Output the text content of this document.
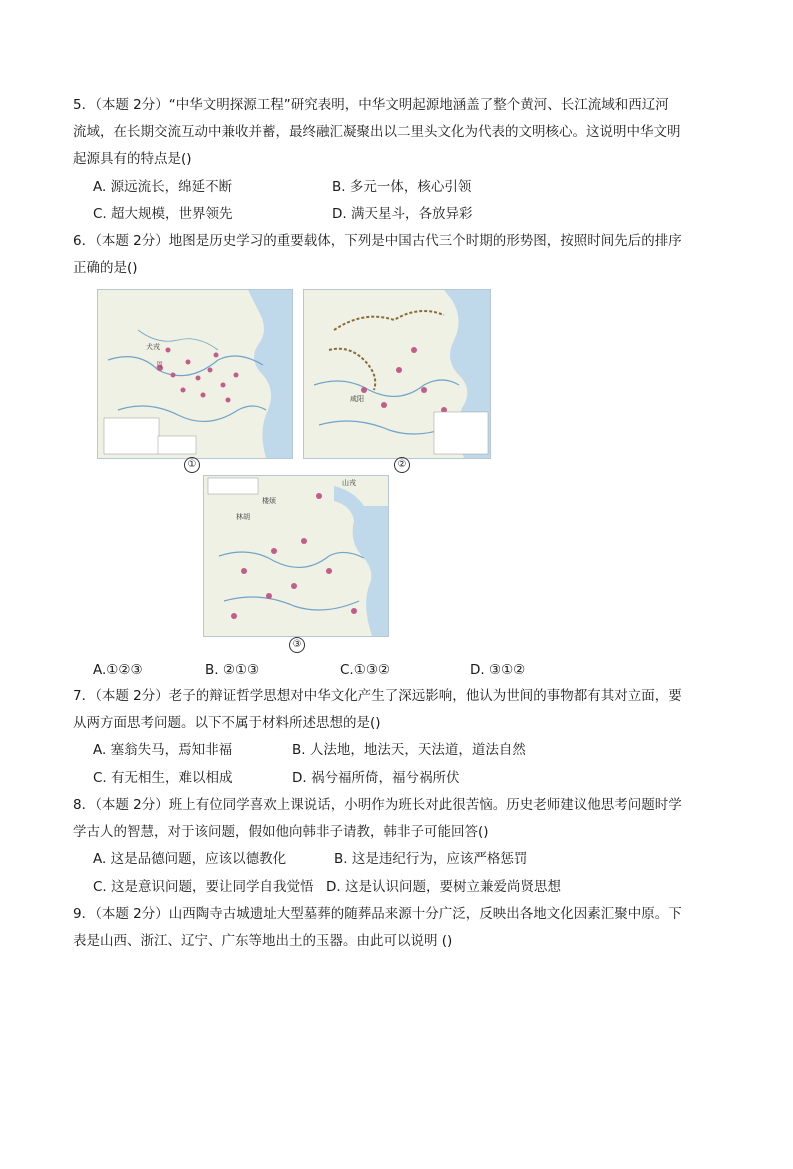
5．（本题 2分）“中华文明探源工程”研究表明，中华文明起源地涵盖了整个黄河、长江流域和西辽河
流域，在长期交流互动中兼收并蓄，最终融汇凝聚出以二里头文化为代表的文明核心。这说明中华文明
起源具有的特点是()
A. 源远流长，绵延不断	B. 多元一体，核心引领
C. 超大规模，世界领先	D. 满天星斗，各放异彩
6．（本题 2分）地图是历史学习的重要载体，下列是中国古代三个时期的形势图，按照时间先后的排序
正确的是()
犬戎
周
①
咸阳
②
山戎
林胡
楼烦
③
A.①②③	B. ②①③	C.①③②	D. ③①②
7．（本题 2分）老子的辩证哲学思想对中华文化产生了深远影响，他认为世间的事物都有其对立面，要
从两方面思考问题。以下不属于材料所述思想的是()
A. 塞翁失马，焉知非福	B. 人法地，地法天，天法道，道法自然
C. 有无相生，难以相成	D. 祸兮福所倚，福兮祸所伏
8．（本题 2分）班上有位同学喜欢上课说话，小明作为班长对此很苦恼。历史老师建议他思考问题时学
学古人的智慧，对于该问题，假如他向韩非子请教，韩非子可能回答()
A. 这是品德问题，应该以德教化	B. 这是违纪行为，应该严格惩罚
C. 这是意识问题，要让同学自我觉悟 D. 这是认识问题，要树立兼爱尚贤思想
9．（本题 2分）山西陶寺古城遗址大型墓葬的随葬品来源十分广泛，反映出各地文化因素汇聚中原。下
表是山西、浙江、辽宁、广东等地出土的玉器。由此可以说明 ()
